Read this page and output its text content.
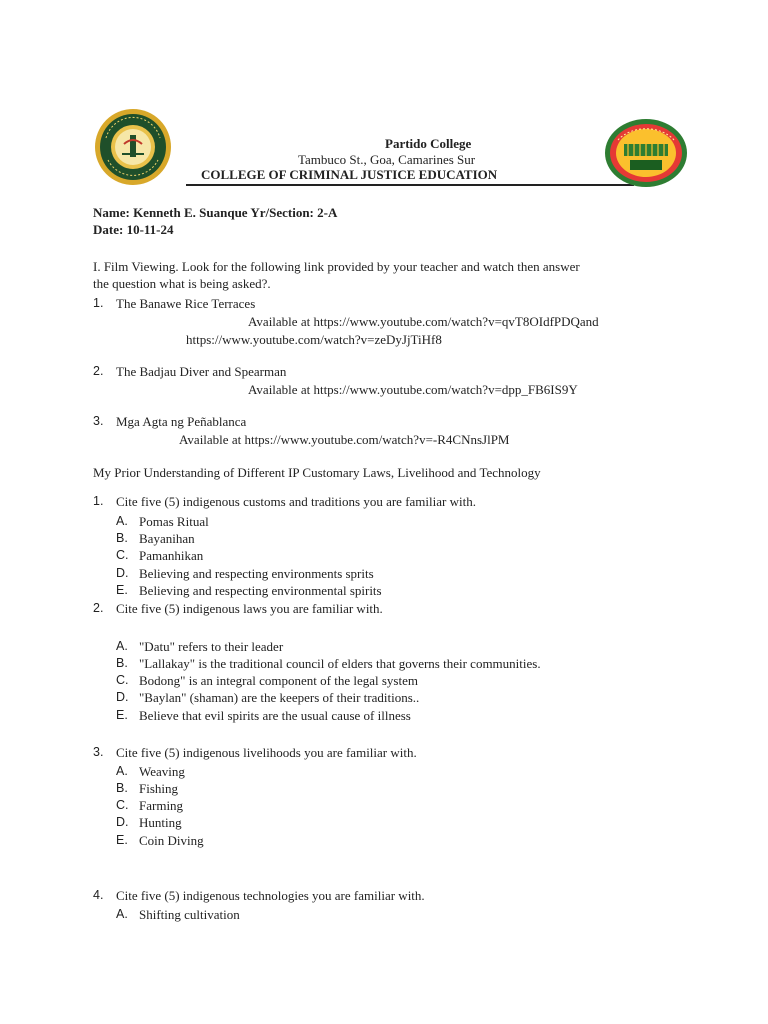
Partido College
Tambuco St., Goa, Camarines Sur
COLLEGE OF CRIMINAL JUSTICE EDUCATION
Name: Kenneth E. Suanque Yr/Section: 2-A
Date: 10-11-24
I. Film Viewing. Look for the following link provided by your teacher and watch then answer
the question what is being asked?.
1. The Banawe Rice Terraces
Available at https://www.youtube.com/watch?v=qvT8OIdfPDQand
https://www.youtube.com/watch?v=zeDyJjTiHf8
2. The Badjau Diver and Spearman
Available at https://www.youtube.com/watch?v=dpp_FB6IS9Y
3. Mga Agta ng Peñablanca
Available at https://www.youtube.com/watch?v=-R4CNnsJlPM
My Prior Understanding of Different IP Customary Laws, Livelihood and Technology
1. Cite five (5) indigenous customs and traditions you are familiar with.
A. Pomas Ritual
B. Bayanihan
C. Pamanhikan
D. Believing and respecting environments sprits
E. Believing and respecting environmental spirits
2. Cite five (5) indigenous laws you are familiar with.
A. "Datu" refers to their leader
B. "Lallakay" is the traditional council of elders that governs their communities.
C. Bodong" is an integral component of the legal system
D. "Baylan" (shaman) are the keepers of their traditions..
E. Believe that evil spirits are the usual cause of illness
3. Cite five (5) indigenous livelihoods you are familiar with.
A. Weaving
B. Fishing
C. Farming
D. Hunting
E. Coin Diving
4. Cite five (5) indigenous technologies you are familiar with.
A. Shifting cultivation
